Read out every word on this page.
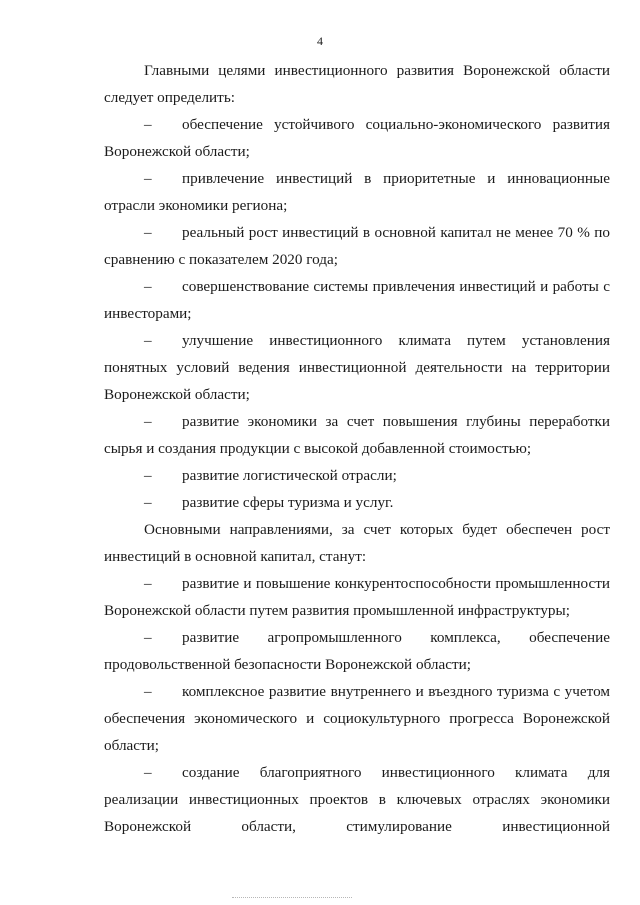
4

Главными целями инвестиционного развития Воронежской области следует определить:

– обеспечение устойчивого социально-экономического развития Воронежской области;

– привлечение инвестиций в приоритетные и инновационные отрасли экономики региона;

– реальный рост инвестиций в основной капитал не менее 70 % по сравнению с показателем 2020 года;

– совершенствование системы привлечения инвестиций и работы с инвесторами;

– улучшение инвестиционного климата путем установления понятных условий ведения инвестиционной деятельности на территории Воронежской области;

– развитие экономики за счет повышения глубины переработки сырья и создания продукции с высокой добавленной стоимостью;

– развитие логистической отрасли;

– развитие сферы туризма и услуг.

Основными направлениями, за счет которых будет обеспечен рост инвестиций в основной капитал, станут:

– развитие и повышение конкурентоспособности промышленности Воронежской области путем развития промышленной инфраструктуры;

– развитие агропромышленного комплекса, обеспечение продовольственной безопасности Воронежской области;

– комплексное развитие внутреннего и въездного туризма с учетом обеспечения экономического и социокультурного прогресса Воронежской области;

– создание благоприятного инвестиционного климата для реализации инвестиционных проектов в ключевых отраслях экономики Воронежской области, стимулирование инвестиционной
